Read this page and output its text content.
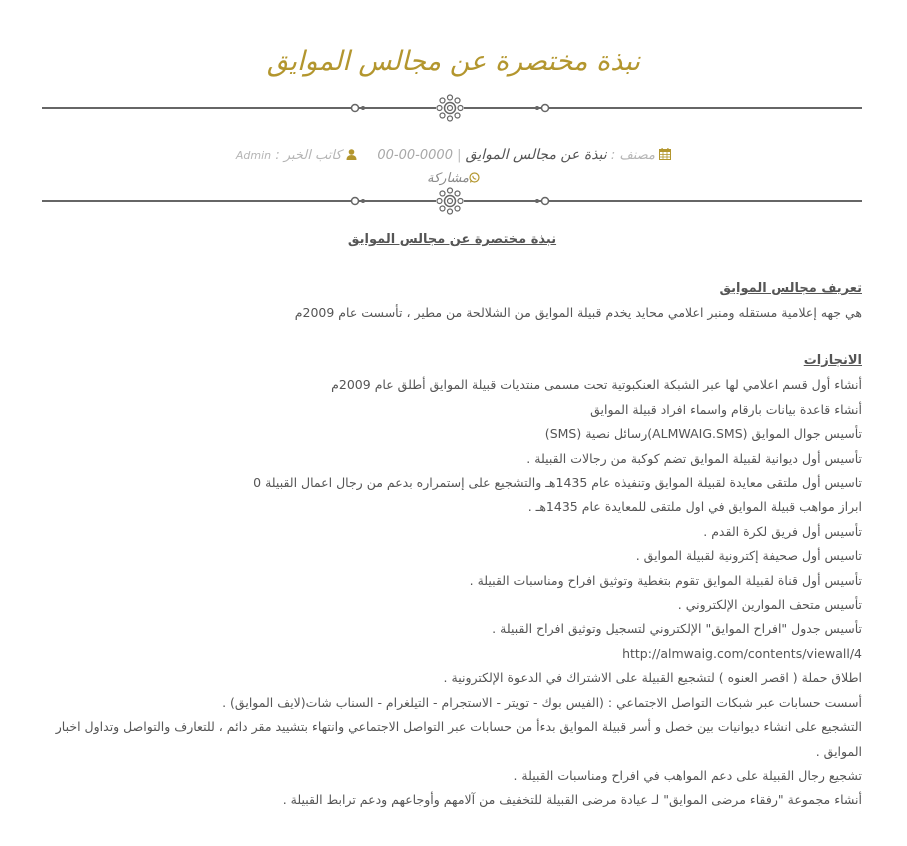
نبذة مختصرة عن مجالس الموايق
مصنف : نبذة عن مجالس الموايق | 0000-00-00      كاتب الخبر : Admin
مشاركة

نبذة مختصرة عن مجالس الموايق

تعريف مجالس الموايق

هي جهه إعلامية مستقله ومنبر اعلامي محايد يخدم قبيلة الموايق من الشلالحة من مطير ، تأسست عام 2009م

الانجازات

أنشاء أول قسم اعلامي لها عبر الشبكة العنكبوتية تحت مسمى منتديات قبيلة الموايق أطلق عام 2009م

أنشاء قاعدة بيانات بارقام واسماء افراد قبيلة الموايق

تأسيس جوال الموايق (ALMWAIG.SMS)رسائل نصية (SMS)

تأسيس أول ديوانية لقبيلة الموايق تضم كوكبة من رجالات القبيلة .

تاسيس أول ملتقى معايدة لقبيلة الموايق وتنفيذه عام 1435هـ والتشجيع على إستمراره بدعم من رجال اعمال القبيلة 0

ابراز مواهب قبيلة الموايق في اول ملتقى للمعايدة عام 1435هـ .

تأسيس أول فريق لكرة القدم .

تاسيس أول صحيفة إكترونية لقبيلة الموايق .

تأسيس أول قناة لقبيلة الموايق تقوم بتغطية وتوثيق افراح ومناسبات القبيلة .

تأسيس متحف الموارين الإلكتروني .

تأسيس جدول "افراح الموايق" الإلكتروني لتسجيل وتوثيق افراح القبيلة .

http://almwaig.com/contents/viewall/4

اطلاق حملة ( اقصر العنوه ) لتشجيع القبيلة على الاشتراك في الدعوة الإلكترونية .

أسست حسابات عبر شبكات التواصل الاجتماعي : (الفيس بوك - تويتر - الاستجرام - التيلغرام - السناب شات(لايف الموايق) .

التشجيع على انشاء ديوانيات بين خصل و أسر قبيلة الموايق بدءأ من حسابات عبر التواصل الاجتماعي وانتهاء بتشييد مقر دائم ، للتعارف والتواصل وتداول اخبار الموايق .

تشجيع رجال القبيلة على دعم المواهب في افراح ومناسبات القبيلة .

أنشاء مجموعة "رفقاء مرضى الموايق" لـ عيادة مرضى القبيلة للتخفيف من آلامهم وأوجاعهم ودعم ترابط القبيلة .
